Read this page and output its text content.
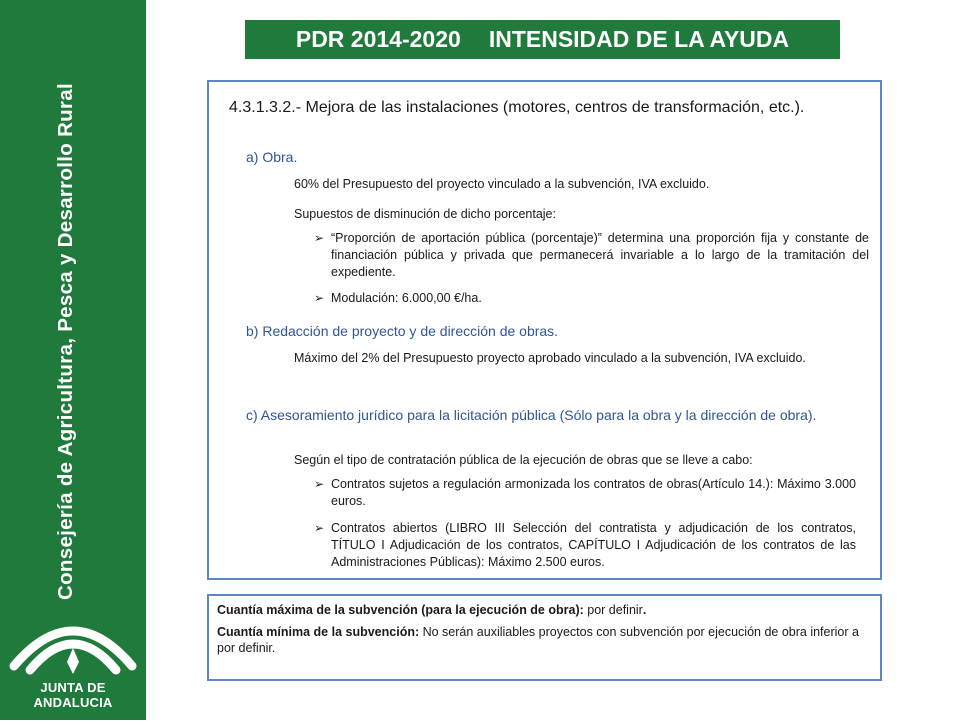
Consejería de Agricultura, Pesca y Desarrollo Rural
JUNTA DE ANDALUCIA
PDR 2014-2020 INTENSIDAD DE LA AYUDA
4.3.1.3.2.- Mejora de las instalaciones (motores, centros de transformación, etc.).
a) Obra.
60% del Presupuesto del proyecto vinculado a la subvención, IVA excluido.
Supuestos de disminución de dicho porcentaje:
➢ “Proporción de aportación pública (porcentaje)” determina una proporción fija y constante de financiación pública y privada que permanecerá invariable a lo largo de la tramitación del expediente.
➢ Modulación: 6.000,00 €/ha.
b) Redacción de proyecto y de dirección de obras.
Máximo del 2% del Presupuesto proyecto aprobado vinculado a la subvención, IVA excluido.
c) Asesoramiento jurídico para la licitación pública (Sólo para la obra y la dirección de obra).
Según el tipo de contratación pública de la ejecución de obras que se lleve a cabo:
➢ Contratos sujetos a regulación armonizada los contratos de obras(Artículo 14.): Máximo 3.000 euros.
➢ Contratos abiertos (LIBRO III Selección del contratista y adjudicación de los contratos, TÍTULO I Adjudicación de los contratos, CAPÍTULO I Adjudicación de los contratos de las Administraciones Públicas): Máximo 2.500 euros.

Cuantía máxima de la subvención (para la ejecución de obra): por definir.

Cuantía mínima de la subvención: No serán auxiliables proyectos con subvención por ejecución de obra inferior a por definir.
